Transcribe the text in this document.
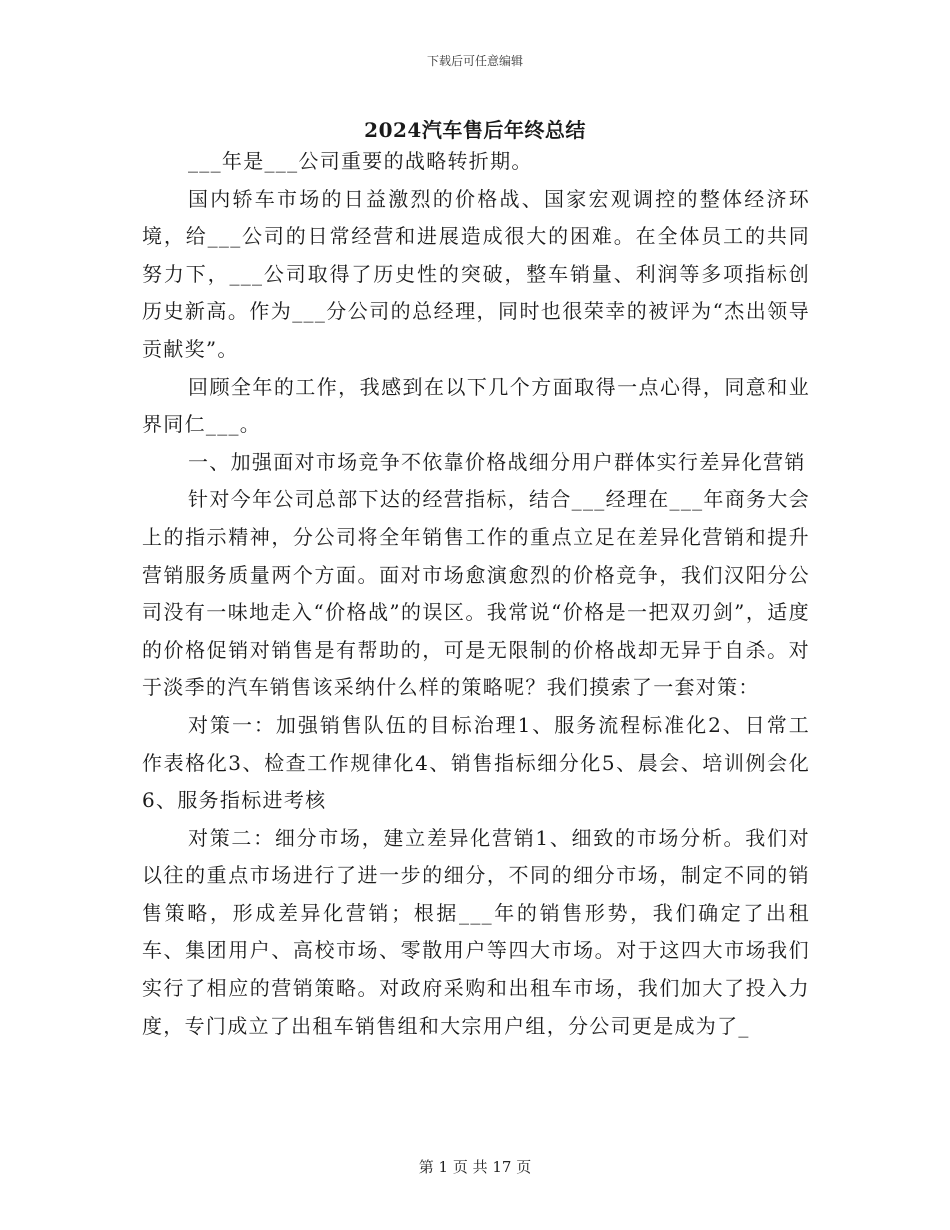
下载后可任意编辑
2024汽车售后年终总结

___年是___公司重要的战略转折期。

国内轿车市场的日益激烈的价格战、国家宏观调控的整体经济环境，给___公司的日常经营和进展造成很大的困难。在全体员工的共同努力下，___公司取得了历史性的突破，整车销量、利润等多项指标创历史新高。作为___分公司的总经理，同时也很荣幸的被评为“杰出领导贡献奖”。

回顾全年的工作，我感到在以下几个方面取得一点心得，同意和业界同仁___。

一、加强面对市场竞争不依靠价格战细分用户群体实行差异化营销

针对今年公司总部下达的经营指标，结合___经理在___年商务大会上的指示精神，分公司将全年销售工作的重点立足在差异化营销和提升营销服务质量两个方面。面对市场愈演愈烈的价格竞争，我们汉阳分公司没有一味地走入“价格战”的误区。我常说“价格是一把双刃剑”，适度的价格促销对销售是有帮助的，可是无限制的价格战却无异于自杀。对于淡季的汽车销售该采纳什么样的策略呢？我们摸索了一套对策：

对策一：加强销售队伍的目标治理1、服务流程标准化2、日常工作表格化3、检查工作规律化4、销售指标细分化5、晨会、培训例会化6、服务指标进考核

对策二：细分市场，建立差异化营销1、细致的市场分析。我们对以往的重点市场进行了进一步的细分，不同的细分市场，制定不同的销售策略，形成差异化营销；根据___年的销售形势，我们确定了出租车、集团用户、高校市场、零散用户等四大市场。对于这四大市场我们实行了相应的营销策略。对政府采购和出租车市场，我们加大了投入力度，专门成立了出租车销售组和大宗用户组，分公司更是成为了_

第 1 页 共 17 页
